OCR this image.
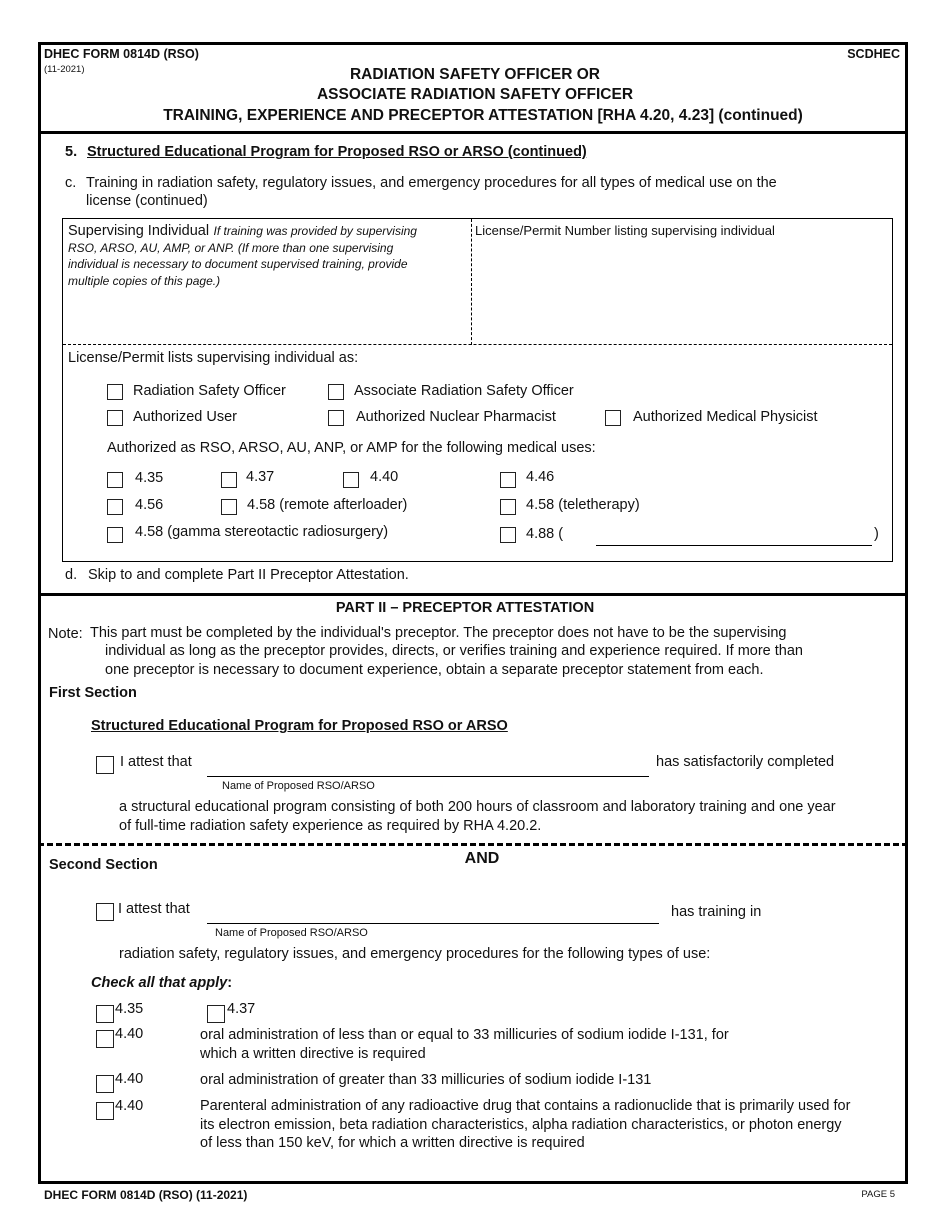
DHEC FORM 0814D (RSO)
(11-2021)
SCDHEC
RADIATION SAFETY OFFICER OR
ASSOCIATE RADIATION SAFETY OFFICER
TRAINING, EXPERIENCE AND PRECEPTOR ATTESTATION [RHA 4.20, 4.23] (continued)
5. Structured Educational Program for Proposed RSO or ARSO (continued)
c. Training in radiation safety, regulatory issues, and emergency procedures for all types of medical use on the
license (continued)
Supervising Individual If training was provided by supervising
RSO, ARSO, AU, AMP, or ANP. (If more than one supervising
individual is necessary to document supervised training, provide
multiple copies of this page.)
License/Permit Number listing supervising individual
License/Permit lists supervising individual as:
Radiation Safety Officer	Associate Radiation Safety Officer
Authorized User	Authorized Nuclear Pharmacist	Authorized Medical Physicist
Authorized as RSO, ARSO, AU, ANP, or AMP for the following medical uses:
4.35	4.37	4.40	4.46
4.56	4.58 (remote afterloader)	4.58 (teletherapy)
4.58 (gamma stereotactic radiosurgery)	4.88 (	)
d. Skip to and complete Part II Preceptor Attestation.
PART II – PRECEPTOR ATTESTATION
Note: This part must be completed by the individual's preceptor. The preceptor does not have to be the supervising
individual as long as the preceptor provides, directs, or verifies training and experience required. If more than
one preceptor is necessary to document experience, obtain a separate preceptor statement from each.
First Section
Structured Educational Program for Proposed RSO or ARSO
I attest that	has satisfactorily completed
Name of Proposed RSO/ARSO
a structural educational program consisting of both 200 hours of classroom and laboratory training and one year
of full-time radiation safety experience as required by RHA 4.20.2.
AND
Second Section
I attest that	has training in
Name of Proposed RSO/ARSO
radiation safety, regulatory issues, and emergency procedures for the following types of use:
Check all that apply:
4.35	4.37
4.40	oral administration of less than or equal to 33 millicuries of sodium iodide I-131, for
which a written directive is required
4.40	oral administration of greater than 33 millicuries of sodium iodide I-131
4.40	Parenteral administration of any radioactive drug that contains a radionuclide that is primarily used for
its electron emission, beta radiation characteristics, alpha radiation characteristics, or photon energy
of less than 150 keV, for which a written directive is required
DHEC FORM 0814D (RSO) (11-2021)	PAGE 5
